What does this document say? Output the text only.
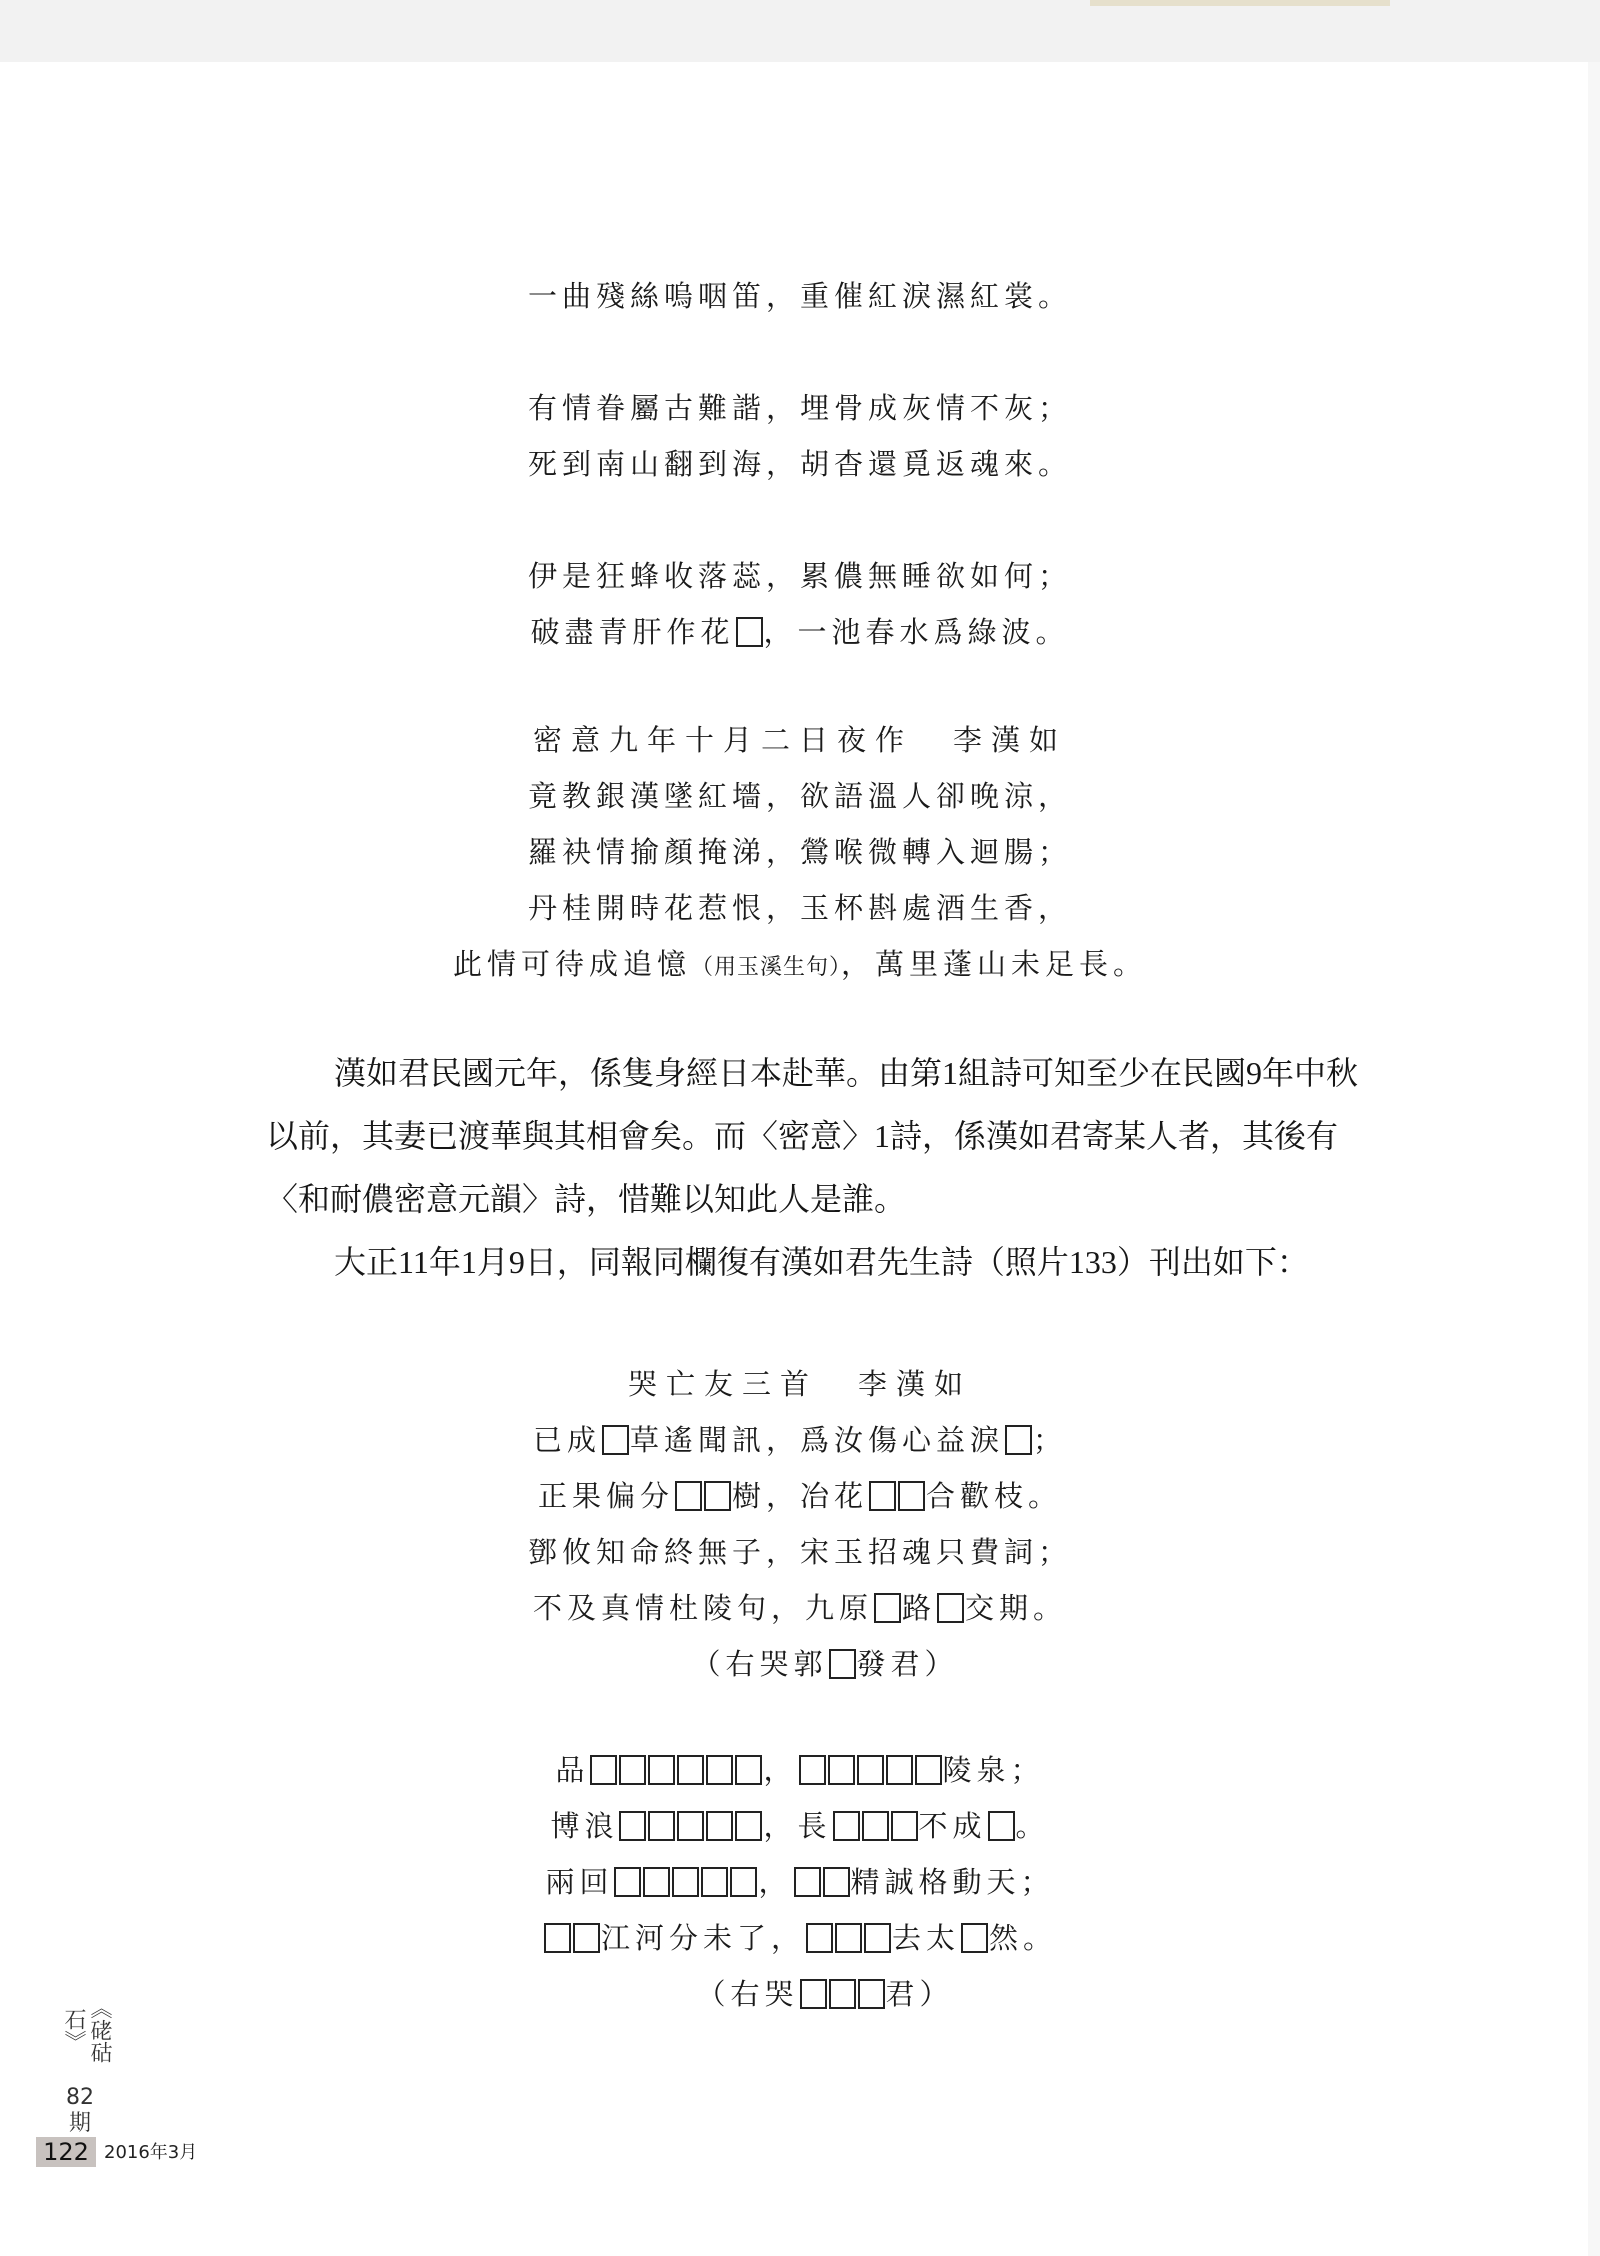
一曲殘絲嗚咽笛，重催紅淚濕紅裳。
有情眷屬古難諧，埋骨成灰情不灰；
死到南山翻到海，胡杳還覓返魂來。
伊是狂蜂收落蕊，累儂無睡欲如何；
破盡青肝作花 ，一池春水爲綠波。
密意九年十月二日夜作 李漢如
竟教銀漢墜紅墻，欲語溫人卻晚涼，
羅袂情揄顏掩涕，鶯喉微轉入迴腸；
丹桂開時花惹恨，玉杯斟處酒生香，
此情可待成追憶（用玉溪生句），萬里蓬山未足長。

漢如君民國元年，係隻身經日本赴華。由第1組詩可知至少在民國9年中秋

以前，其妻已渡華與其相會矣。而〈密意〉1詩，係漢如君寄某人者，其後有

〈和耐儂密意元韻〉詩，惜難以知此人是誰。

大正11年1月9日，同報同欄復有漢如君先生詩（照片133）刊出如下：

哭亡友三首 李漢如
已成 草遙聞訊，爲汝傷心益淚 ；
正果偏分 樹，冶花 合歡枝。
鄧攸知命終無子，宋玉招魂只費詞；
不及真情杜陵句，九原 路 交期。
（右哭郭 發君）
品	，	陵泉；
博浪	，長	不成 。
兩回	， 精誠格動天；
江河分未了，	去太 然。
（右哭	君）
《硓𥑮石》
82
期
122 2016年3月
